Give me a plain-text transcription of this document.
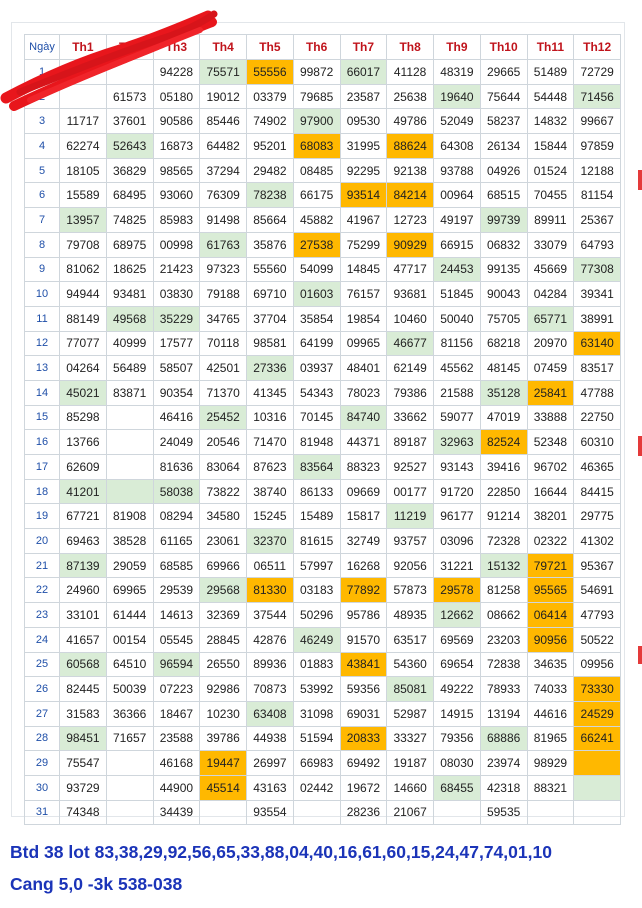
Ngày	Th1	Th2	Th3	Th4	Th5	Th6	Th7	Th8	Th9	Th10	Th11	Th12
1			94228	75571	55556	99872	66017	41128	48319	29665	51489	72729
2		61573	05180	19012	03379	79685	23587	25638	19640	75644	54448	71456
3	11717	37601	90586	85446	74902	97900	09530	49786	52049	58237	14832	99667
4	62274	52643	16873	64482	95201	68083	31995	88624	64308	26134	15844	97859
5	18105	36829	98565	37294	29482	08485	92295	92138	93788	04926	01524	12188
6	15589	68495	93060	76309	78238	66175	93514	84214	00964	68515	70455	81154
7	13957	74825	85983	91498	85664	45882	41967	12723	49197	99739	89911	25367
8	79708	68975	00998	61763	35876	27538	75299	90929	66915	06832	33079	64793
9	81062	18625	21423	97323	55560	54099	14845	47717	24453	99135	45669	77308
10	94944	93481	03830	79188	69710	01603	76157	93681	51845	90043	04284	39341
11	88149	49568	35229	34765	37704	35854	19854	10460	50040	75705	65771	38991
12	77077	40999	17577	70118	98581	64199	09965	46677	81156	68218	20970	63140
13	04264	56489	58507	42501	27336	03937	48401	62149	45562	48145	07459	83517
14	45021	83871	90354	71370	41345	54343	78023	79386	21588	35128	25841	47788
15	85298		46416	25452	10316	70145	84740	33662	59077	47019	33888	22750
16	13766		24049	20546	71470	81948	44371	89187	32963	82524	52348	60310
17	62609		81636	83064	87623	83564	88323	92527	93143	39416	96702	46365
18	41201		58038	73822	38740	86133	09669	00177	91720	22850	16644	84415
19	67721	81908	08294	34580	15245	15489	15817	11219	96177	91214	38201	29775
20	69463	38528	61165	23061	32370	81615	32749	93757	03096	72328	02322	41302
21	87139	29059	68585	69966	06511	57997	16268	92056	31221	15132	79721	95367
22	24960	69965	29539	29568	81330	03183	77892	57873	29578	81258	95565	54691
23	33101	61444	14613	32369	37544	50296	95786	48935	12662	08662	06414	47793
24	41657	00154	05545	28845	42876	46249	91570	63517	69569	23203	90956	50522
25	60568	64510	96594	26550	89936	01883	43841	54360	69654	72838	34635	09956
26	82445	50039	07223	92986	70873	53992	59356	85081	49222	78933	74033	73330
27	31583	36366	18467	10230	63408	31098	69031	52987	14915	13194	44616	24529
28	98451	71657	23588	39786	44938	51594	20833	33327	79356	68886	81965	66241
29	75547		46168	19447	26997	66983	69492	19187	08030	23974	98929	
30	93729		44900	45514	43163	02442	19672	14660	68455	42318	88321	
31	74348		34439		93554		28236	21067		59535		
Btd 38 lot 83,38,29,92,56,65,33,88,04,40,16,61,60,15,24,47,74,01,10
Cang 5,0 -3k 538-038
